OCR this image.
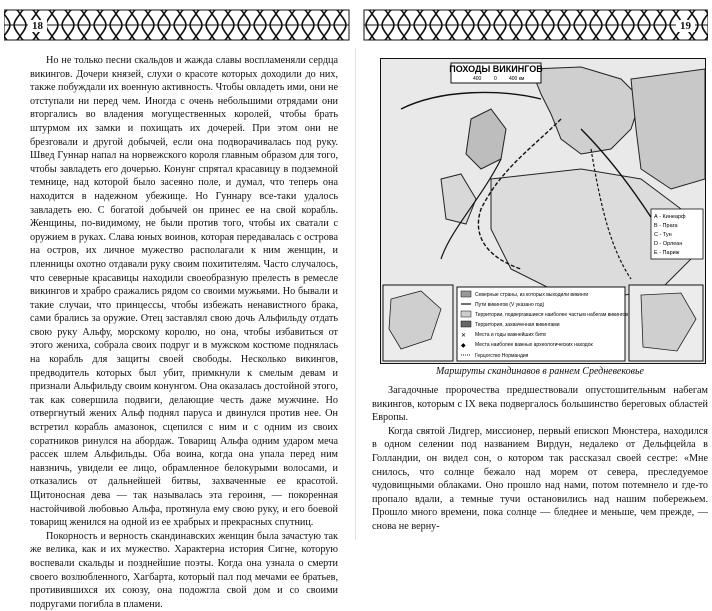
18	19

Но не только песни скальдов и жажда славы воспламеняли сердца викингов. Дочери князей, слухи о красоте которых доходили до них, также побуждали их военную активность. Чтобы овладеть ими, они не отступали ни перед чем. Иногда с очень небольшими отрядами они вторгались во владения могущественных королей, чтобы брать штурмом их замки и похищать их дочерей. При этом они не брезговали и другой добычей, если она подворачивалась под руку. Швед Гуннар напал на норвежского короля главным образом для того, чтобы завладеть его дочерью. Конунг спрятал красавицу в подземной темнице, над которой было засеяно поле, и думал, что теперь она находится в надежном убежище. Но Гуннару все-таки удалось завладеть ею. С богатой добычей он принес ее на свой корабль. Женщины, по-видимому, не были против того, чтобы их сватали с оружием в руках. Слава юных воинов, которая передавалась с острова на остров, их личное мужество располагали к ним женщин, и пленницы охотно отдавали руку своим похитителям. Часто случалось, что северные красавицы находили своеобразную прелесть в ремесле викингов и храбро сражались рядом со своими мужьями. Но бывали и такие случаи, что принцессы, чтобы избежать ненавистного брака, сами брались за оружие. Отец заставлял свою дочь Альфильду отдать свою руку Альфу, морскому королю, но она, чтобы избавиться от этого жениха, собрала своих подруг и в мужском костюме поднялась на корабль для защиты своей свободы. Несколько викингов, предводитель которых был убит, примкнули к смелым девам и признали Альфильду своим конунгом. Она оказалась достойной этого, так как совершила подвиги, делающие честь даже мужчине. Но отвергнутый жених Альф поднял паруса и двинулся против нее. Он встретил корабль амазонок, сцепился с ним и с одним из своих соратников ринулся на абордаж. Товарищ Альфа одним ударом меча рассек шлем Альфильды. Оба воина, когда она упала перед ним навзничь, увидели ее лицо, обрамленное белокурыми волосами, и отказались от дальнейшей битвы, захваченные ее красотой. Щитоносная дева — так называлась эта героиня, — покоренная настойчивой любовью Альфа, протянула ему свою руку, и его боевой товарищ женился на одной из ее храбрых и прекрасных спутниц.

Покорность и верность скандинавских женщин была зачастую так же велика, как и их мужество. Характерна история Сигне, которую воспевали скальды и позднейшие поэты. Когда она узнала о смерти своего возлюбленного, Хагбарта, который пал под мечами ее братьев, противившихся их союзу, она подожгла свой дом и со своими подругами погибла в пламени.

ПОХОДЫ ВИКИНГОВ
400	0 400 км
А - Кинеарф
В - Прага
C - Тун
D - Орлеан
E - Париж
Северные страны, из которых выходили викинги
Пути викингов (V указано год)
Территории, подвергавшиеся наиболее частым набегам викингов
Территория, захваченная викингами
✕ Места и годы важнейших битв
◆ Места наиболее важных археологических находок
Герцогство Нормандия
Маршруты скандинавов в раннем Средневековье

Загадочные пророчества предшествовали опустошительным набегам викингов, которым с IX века подвергалось большинство береговых областей Европы.

Когда святой Лидгер, миссионер, первый епископ Мюнстера, находился в одном селении под названием Вирдун, недалеко от Дельфцейла в Голландии, он видел сон, о котором так рассказал своей сестре: «Мне снилось, что солнце бежало над морем от севера, преследуемое чудовищными облаками. Оно прошло над нами, потом потемнело и где-то пропало вдали, а темные тучи остановились над нашим побережьем. Прошло много времени, пока солнце — бледнее и меньше, чем прежде, — снова не верну-
